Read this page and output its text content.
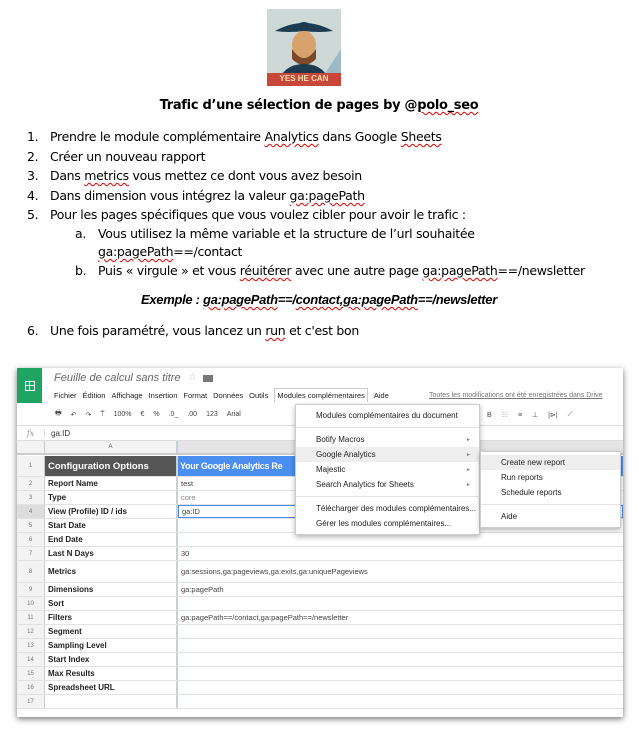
YES HE CAN
Trafic d’une sélection de pages by @polo_seo
1. Prendre le module complémentaire Analytics dans Google Sheets
2. Créer un nouveau rapport
3. Dans metrics vous mettez ce dont vous avez besoin
4. Dans dimension vous intégrez la valeur ga:pagePath
5. Pour les pages spécifiques que vous voulez cibler pour avoir le trafic :
a. Vous utilisez la même variable et la structure de l’url souhaitée
ga:pagePath==/contact
b. Puis « virgule » et vous réuitérer avec une autre page ga:pagePath==/newsletter
Exemple : ga:pagePath==/contact,ga:pagePath==/newsletter
6. Une fois paramétré, vous lancez un run et c'est bon
Feuille de calcul sans titre ☆
Fichier Édition Affichage Insertion Format Données Outils Modules complémentaires Aide	Toutes les modifications ont été enregistrées dans Drive
🖶 ↶ ↷ ⍑ 100% € % .0_ .00 123 Arial	B ☷ ≡ ⊥ |⊳| ⟋
fx	ga:ID
A
1	Configuration Options	Your Google Analytics Re
2	Report Name	test
3	Type	core
4	View (Profile) ID / ids	ga:ID
5	Start Date
6	End Date
7	Last N Days	30
8	Metrics	ga:sessions,ga:pageviews,ga:exits,ga:uniquePageviews
9	Dimensions	ga:pagePath
10	Sort
11	Filters	ga:pagePath==/contact,ga:pagePath==/newsletter
12	Segment
13	Sampling Level
14	Start Index
15	Max Results
16	Spreadsheet URL
17
Modules complémentaires du document
Botify Macros	►
Google Analytics	►
Majestic	►
Search Analytics for Sheets	►
Télécharger des modules complémentaires...
Gérer les modules complémentaires...
Create new report
Run reports
Schedule reports
Aide
